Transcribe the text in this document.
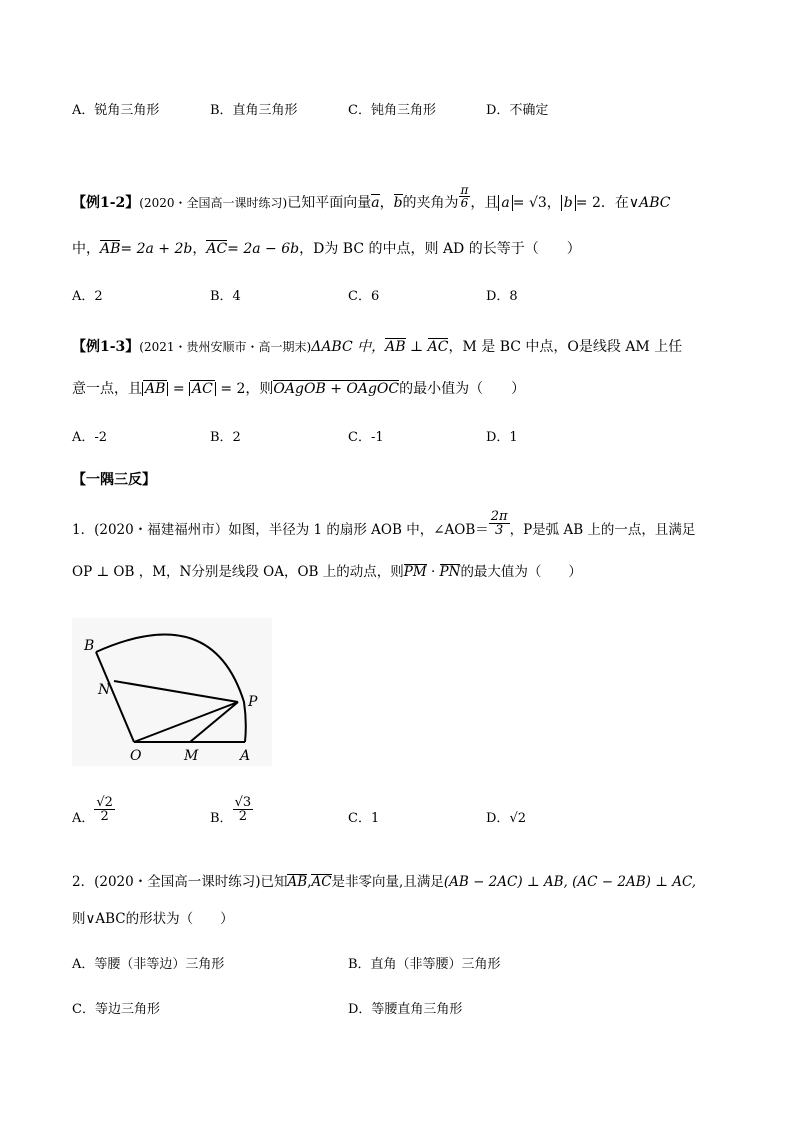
A．锐角三角形	B．直角三角形	C．钝角三角形	D．不确定
【例1-2】(2020・全国高一课时练习)已知平面向量a，b的夹角为 $\frac{\pi}{6}$ ，且 a = √3， b = 2．在∨ABC
中，AB= 2a + 2b，AC= 2a − 6b，D为 BC 的中点，则 AD 的长等于（　　）
A．2	B．4	C．6	D．8
【例1-3】(2021・贵州安顺市・高一期末)ΔABC 中，AB ⊥ AC，M 是 BC 中点，O是线段 AM 上任
意一点，且 AB = AC = 2，则OAgOB + OAgOC的最小值为（　　）
A．-2	B．2	C．-1	D．1
【一隅三反】
1．(2020・福建福州市）如图，半径为 1 的扇形 AOB 中，∠AOB＝ $\frac{2\pi}{3}$ ，P是弧 AB 上的一点，且满足
OP ⊥ OB ，M，N分别是线段 OA，OB 上的动点，则PM · PN的最大值为（　　）
B
N
P
O	M	A
A． $\frac{√2}{2}$	B． $\frac{√3}{2}$	C．1	D．√2
2．(2020・全国高一课时练习)已知AB,AC是非零向量,且满足(AB − 2AC) ⊥ AB, (AC − 2AB) ⊥ AC,
则∨ABC的形状为（　　）
A．等腰（非等边）三角形	B．直角（非等腰）三角形
C．等边三角形	D．等腰直角三角形
